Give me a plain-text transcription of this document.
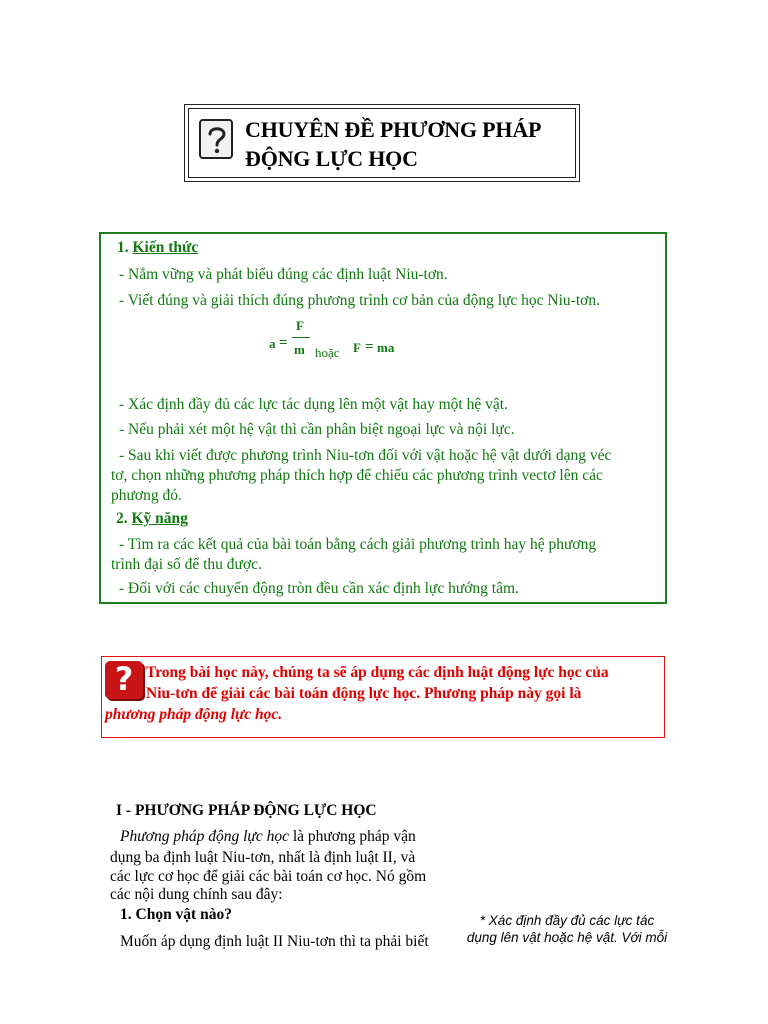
CHUYÊN ĐỀ PHƯƠNG PHÁP
ĐỘNG LỰC HỌC
1. Kiến thức
- Nắm vững và phát biểu đúng các định luật Niu-tơn.
- Viết đúng và giải thích đúng phương trình cơ bản của động lực học Niu-tơn.
a =
F
m hoặc F = ma
- Xác định đầy đủ các lực tác dụng lên một vật hay một hệ vật.
- Nếu phải xét một hệ vật thì cần phân biệt ngoại lực và nội lực.
- Sau khi viết được phương trình Niu-tơn đối với vật hoặc hệ vật dưới dạng véc
tơ, chọn những phương pháp thích hợp để chiếu các phương trình vectơ lên các
phương đó.
2. Kỹ năng
- Tìm ra các kết quả của bài toán bằng cách giải phương trình hay hệ phương
trình đại số để thu được.
- Đối với các chuyển động tròn đều cần xác định lực hướng tâm.
? Trong bài học này, chúng ta sẽ áp dụng các định luật động lực học của
Niu-tơn để giải các bài toán động lực học. Phương pháp này gọi là
phương pháp động lực học.
I - PHƯƠNG PHÁP ĐỘNG LỰC HỌC
Phương pháp động lực học là phương pháp vận
dụng ba định luật Niu-tơn, nhất là định luật II, và
các lực cơ học để giải các bài toán cơ học. Nó gồm
các nội dung chính sau đây:
1. Chọn vật nào?
Muốn áp dụng định luật II Niu-tơn thì ta phải biết
* Xác định đầy đủ các lực tác
dụng lên vật hoặc hệ vật. Với mỗi
